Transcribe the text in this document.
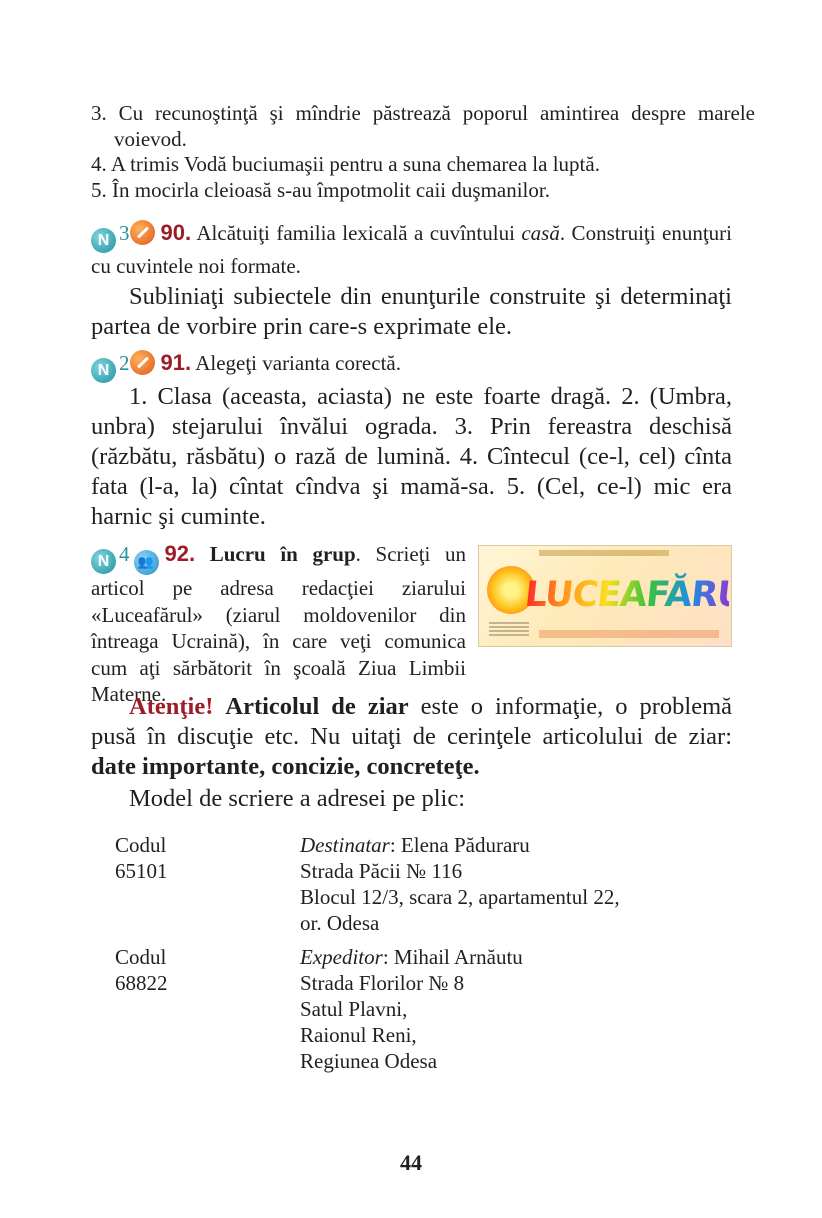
3. Cu recunoştinţă şi mîndrie păstrează poporul amintirea despre marele voievod.
4. A trimis Vodă buciumaşii pentru a suna chemarea la luptă.
5. În mocirla cleioasă s-au împotmolit caii duşmanilor.
N 3 90. Alcătuiţi familia lexicală a cuvîntului casă. Construiţi enunţuri cu cuvintele noi formate.
Subliniaţi subiectele din enunţurile construite şi determinaţi partea de vorbire prin care-s exprimate ele.
N 2 91. Alegeţi varianta corectă.
1. Clasa (aceasta, aciasta) ne este foarte dragă. 2. (Umbra, unbra) stejarului învălui ograda. 3. Prin fereastra deschisă (răzbătu, răsbătu) o rază de lumină. 4. Cîntecul (ce-l, cel) cînta fata (l-a, la) cîntat cîndva şi mamă-sa. 5. (Cel, ce-l) mic era harnic şi cuminte.
LUCEAFĂRUL
N 4 👥 92. Lucru în grup. Scrieţi un articol pe adresa redacţiei ziarului «Luceafărul» (ziarul moldovenilor din întreaga Ucraină), în care veţi comunica cum aţi sărbătorit în şcoală Ziua Limbii Materne.
Atenţie! Articolul de ziar este o informaţie, o problemă pusă în discuţie etc. Nu uitaţi de cerinţele articolului de ziar: date importante, concizie, concreteţe.
Model de scriere a adresei pe plic:
Codul
65101
Destinatar: Elena Păduraru
Strada Păcii № 116
Blocul 12/3, scara 2, apartamentul 22,
or. Odesa
Codul
68822
Expeditor: Mihail Arnăutu
Strada Florilor № 8
Satul Plavni,
Raionul Reni,
Regiunea Odesa
44
